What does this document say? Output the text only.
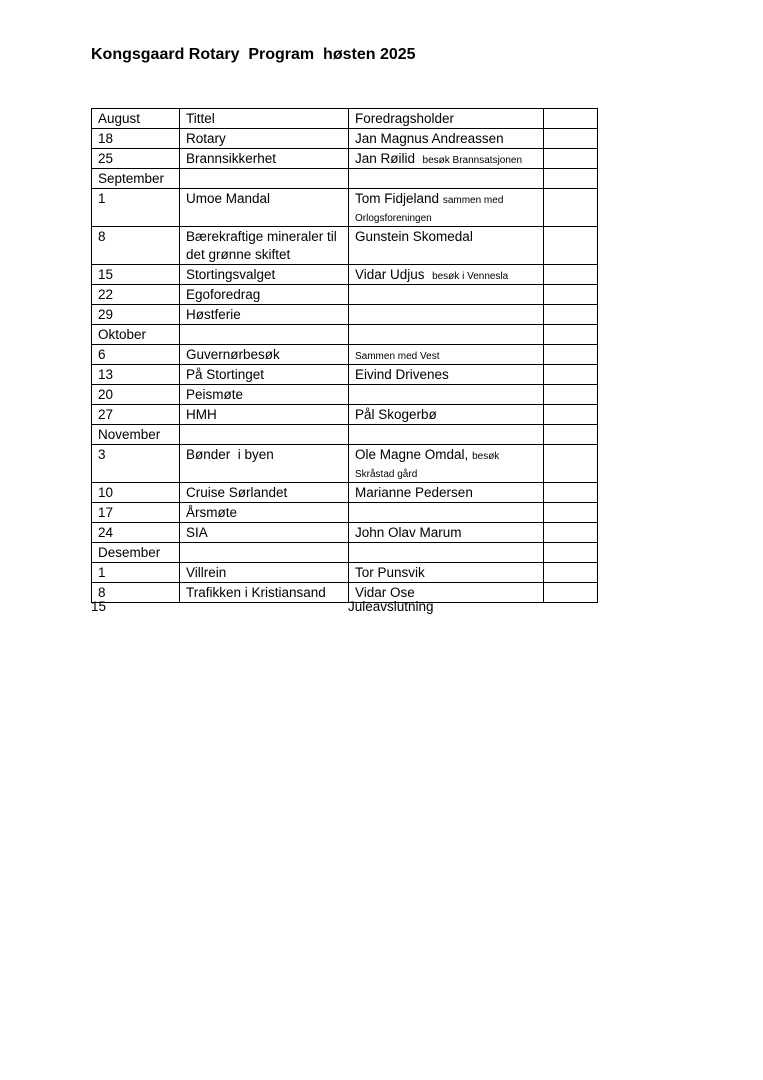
Kongsgaard Rotary  Program  høsten 2025
August	Tittel	Foredragsholder	
18	Rotary	Jan Magnus Andreassen	
25	Brannsikkerhet	Jan Røilid besøk Brannsatsjonen	
September			
1	Umoe Mandal	Tom Fidjeland sammen med Orlogsforeningen	
8	Bærekraftige mineraler til det grønne skiftet	Gunstein Skomedal	
15	Stortingsvalget	Vidar Udjus besøk i Vennesla	
22	Egoforedrag		
29	Høstferie		
Oktober			
6	Guvernørbesøk	Sammen med Vest	
13	På Stortinget	Eivind Drivenes	
20	Peismøte		
27	HMH	Pål Skogerbø	
November			
3	Bønder  i byen	Ole Magne Omdal, besøk Skråstad gård	
10	Cruise Sørlandet	Marianne Pedersen	
17	Årsmøte		
24	SIA	John Olav Marum	
Desember			
1	Villrein	Tor Punsvik	
8	Trafikken i Kristiansand	Vidar Ose	
15	Juleavslutning
